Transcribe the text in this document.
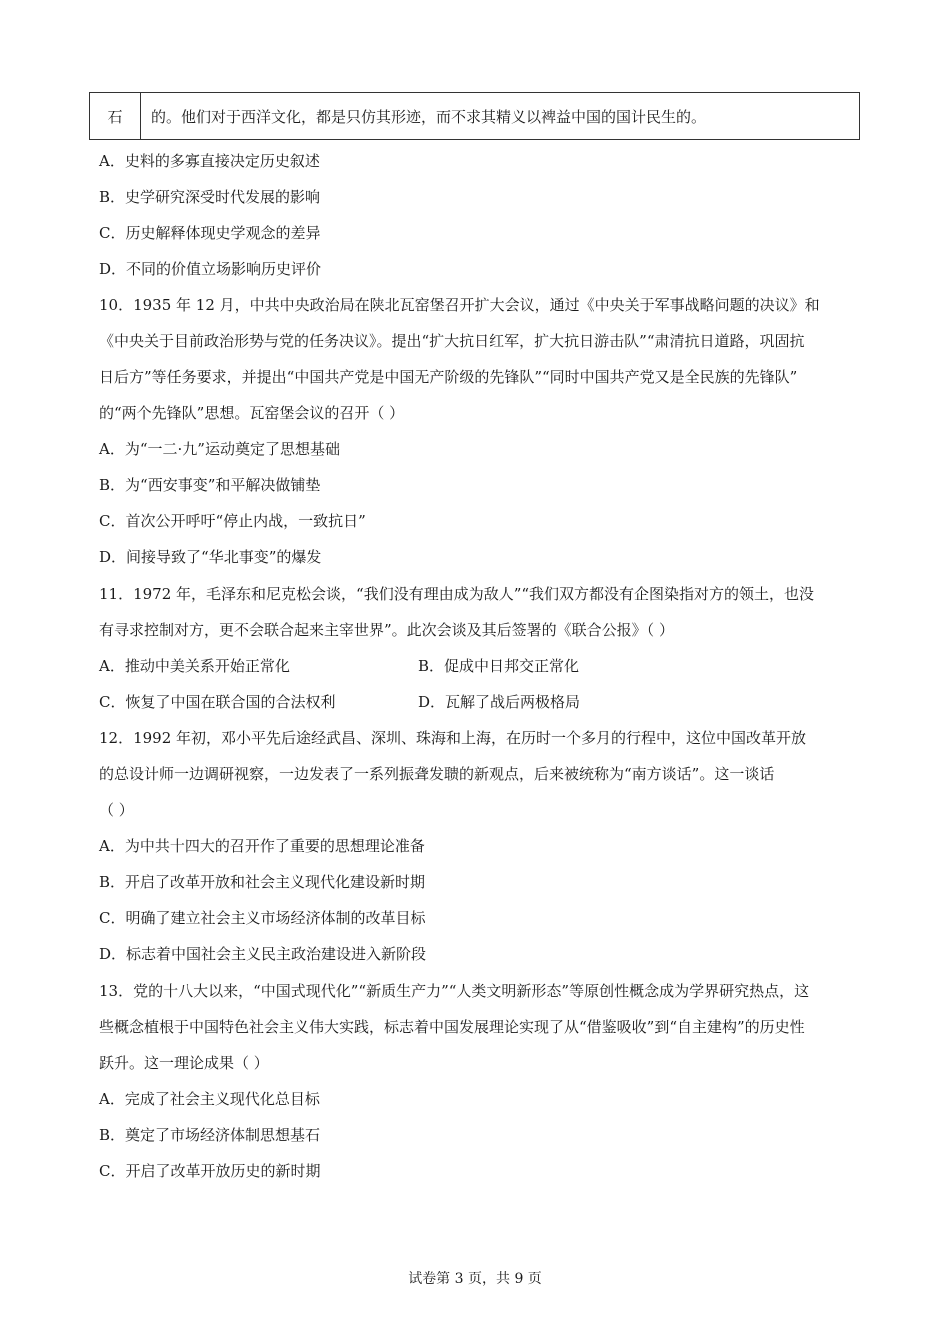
石	的。他们对于西洋文化，都是只仿其形迹，而不求其精义以裨益中国的国计民生的。
A．史料的多寡直接决定历史叙述
B．史学研究深受时代发展的影响
C．历史解释体现史学观念的差异
D．不同的价值立场影响历史评价
10．1935 年 12 月，中共中央政治局在陕北瓦窑堡召开扩大会议，通过《中央关于军事战略问题的决议》和
《中央关于目前政治形势与党的任务决议》。提出“扩大抗日红军，扩大抗日游击队”“肃清抗日道路，巩固抗
日后方”等任务要求，并提出“中国共产党是中国无产阶级的先锋队”“同时中国共产党又是全民族的先锋队”
的“两个先锋队”思想。瓦窑堡会议的召开（ ）
A．为“一二·九”运动奠定了思想基础
B．为“西安事变”和平解决做铺垫
C．首次公开呼吁“停止内战，一致抗日”
D．间接导致了“华北事变”的爆发
11．1972 年，毛泽东和尼克松会谈，“我们没有理由成为敌人”“我们双方都没有企图染指对方的领土，也没
有寻求控制对方，更不会联合起来主宰世界”。此次会谈及其后签署的《联合公报》（ ）
A．推动中美关系开始正常化	B．促成中日邦交正常化
C．恢复了中国在联合国的合法权利	D．瓦解了战后两极格局
12．1992 年初，邓小平先后途经武昌、深圳、珠海和上海，在历时一个多月的行程中，这位中国改革开放
的总设计师一边调研视察，一边发表了一系列振聋发聩的新观点，后来被统称为“南方谈话”。这一谈话
（ ）
A．为中共十四大的召开作了重要的思想理论准备
B．开启了改革开放和社会主义现代化建设新时期
C．明确了建立社会主义市场经济体制的改革目标
D．标志着中国社会主义民主政治建设进入新阶段
13．党的十八大以来，“中国式现代化”“新质生产力”“人类文明新形态”等原创性概念成为学界研究热点，这
些概念植根于中国特色社会主义伟大实践，标志着中国发展理论实现了从“借鉴吸收”到“自主建构”的历史性
跃升。这一理论成果（ ）
A．完成了社会主义现代化总目标
B．奠定了市场经济体制思想基石
C．开启了改革开放历史的新时期
试卷第 3 页，共 9 页
